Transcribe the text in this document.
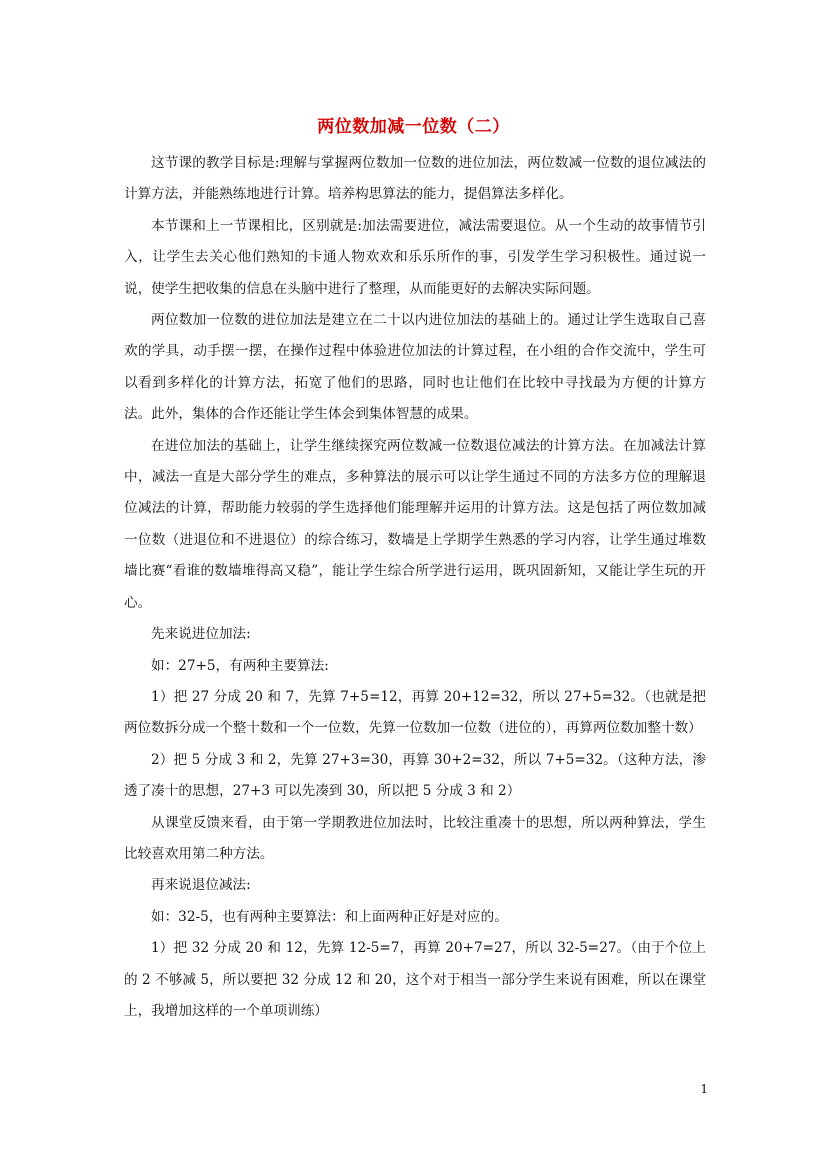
两位数加减一位数（二）

这节课的教学目标是:理解与掌握两位数加一位数的进位加法，两位数减一位数的退位减法的计算方法，并能熟练地进行计算。培养构思算法的能力，提倡算法多样化。

本节课和上一节课相比，区别就是:加法需要进位，减法需要退位。从一个生动的故事情节引入，让学生去关心他们熟知的卡通人物欢欢和乐乐所作的事，引发学生学习积极性。通过说一说，使学生把收集的信息在头脑中进行了整理，从而能更好的去解决实际问题。

两位数加一位数的进位加法是建立在二十以内进位加法的基础上的。通过让学生选取自己喜欢的学具，动手摆一摆，在操作过程中体验进位加法的计算过程，在小组的合作交流中，学生可以看到多样化的计算方法，拓宽了他们的思路，同时也让他们在比较中寻找最为方便的计算方法。此外，集体的合作还能让学生体会到集体智慧的成果。

在进位加法的基础上，让学生继续探究两位数减一位数退位减法的计算方法。在加减法计算中，减法一直是大部分学生的难点，多种算法的展示可以让学生通过不同的方法多方位的理解退位减法的计算，帮助能力较弱的学生选择他们能理解并运用的计算方法。这是包括了两位数加减一位数（进退位和不进退位）的综合练习，数墙是上学期学生熟悉的学习内容，让学生通过堆数墙比赛“看谁的数墙堆得高又稳”，能让学生综合所学进行运用，既巩固新知，又能让学生玩的开心。

先来说进位加法:

如：27+5，有两种主要算法:

1）把 27 分成 20 和 7，先算 7+5=12，再算 20+12=32，所以 27+5=32。（也就是把两位数拆分成一个整十数和一个一位数，先算一位数加一位数（进位的），再算两位数加整十数）

2）把 5 分成 3 和 2，先算 27+3=30，再算 30+2=32，所以 7+5=32。（这种方法，渗透了凑十的思想，27+3 可以先凑到 30，所以把 5 分成 3 和 2）

从课堂反馈来看，由于第一学期教进位加法时，比较注重凑十的思想，所以两种算法，学生比较喜欢用第二种方法。

再来说退位减法:

如：32-5，也有两种主要算法：和上面两种正好是对应的。

1）把 32 分成 20 和 12，先算 12-5=7，再算 20+7=27，所以 32-5=27。（由于个位上的 2 不够减 5，所以要把 32 分成 12 和 20，这个对于相当一部分学生来说有困难，所以在课堂上，我增加这样的一个单项训练）

1
